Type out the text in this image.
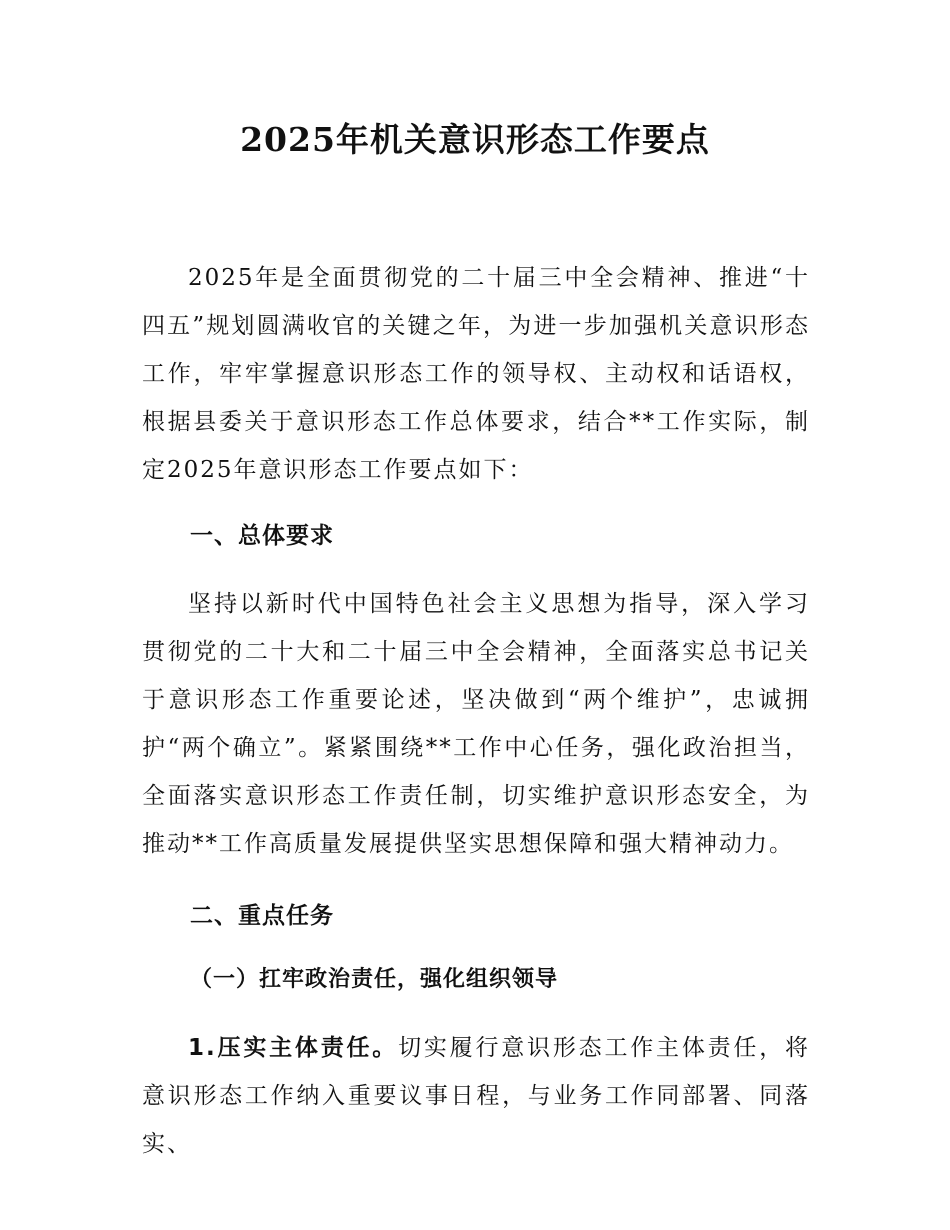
2025年机关意识形态工作要点
2025年是全面贯彻党的二十届三中全会精神、推进“十四五”规划圆满收官的关键之年，为进一步加强机关意识形态工作，牢牢掌握意识形态工作的领导权、主动权和话语权，根据县委关于意识形态工作总体要求，结合**工作实际，制定2025年意识形态工作要点如下：
一、总体要求
坚持以新时代中国特色社会主义思想为指导，深入学习贯彻党的二十大和二十届三中全会精神，全面落实总书记关于意识形态工作重要论述，坚决做到“两个维护”，忠诚拥护“两个确立”。紧紧围绕**工作中心任务，强化政治担当，全面落实意识形态工作责任制，切实维护意识形态安全，为推动**工作高质量发展提供坚实思想保障和强大精神动力。
二、重点任务
（一）扛牢政治责任，强化组织领导
1.压实主体责任。切实履行意识形态工作主体责任，将意识形态工作纳入重要议事日程，与业务工作同部署、同落实、
